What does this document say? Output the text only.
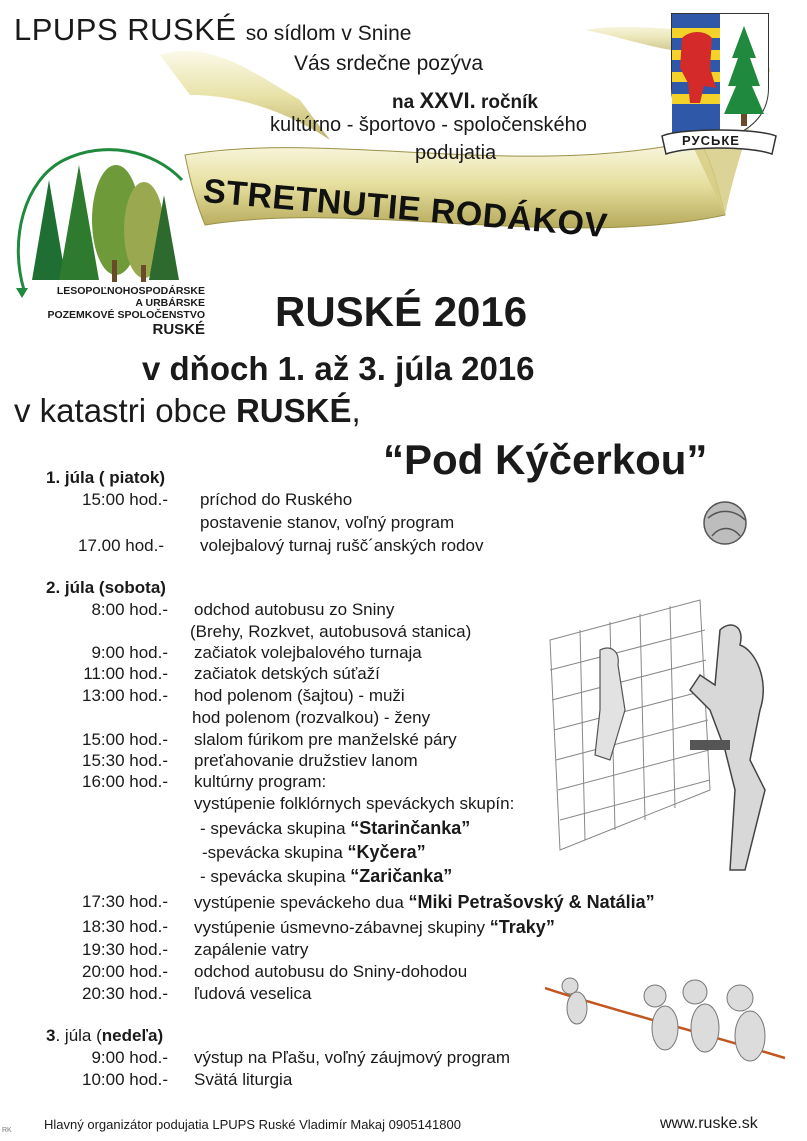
LPUPS RUSKÉ so sídlom v Snine
Vás srdečne pozýva
na XXVI. ročník
kultúrno - športovo - spoločenského
podujatia
STRETNUTIE RODÁKOV
RUSKÉ 2016
v dňoch 1. až 3. júla 2016
v katastri obce RUSKÉ,
“Pod Kýčerkou”
РУСЬКЕ
LESOPOĽNOHOSPODÁRSKE
A URBÁRSKE
POZEMKOVÉ SPOLOČENSTVO
RUSKÉ
1. júla ( piatok)
15:00 hod.- príchod do Ruského
postavenie stanov, voľný program
17.00 hod.- volejbalový turnaj rušč´anských rodov
2. júla (sobota)
8:00 hod.- odchod autobusu zo Sniny
(Brehy, Rozkvet, autobusová stanica)
9:00 hod.- začiatok volejbalového turnaja
11:00 hod.- začiatok detských súťaží
13:00 hod.- hod polenom (šajtou) - muži
hod polenom (rozvalkou) - ženy
15:00 hod.- slalom fúrikom pre manželské páry
15:30 hod.- preťahovanie družstiev lanom
16:00 hod.- kultúrny program:
vystúpenie folklórnych speváckych skupín:
- spevácka skupina “Starinčanka”
-spevácka skupina “Kyčera”
- spevácka skupina “Zaričanka”
17:30 hod.- vystúpenie speváckeho dua “Miki Petrašovský & Natália”
18:30 hod.- vystúpenie úsmevno-zábavnej skupiny “Traky”
19:30 hod.- zapálenie vatry
20:00 hod.- odchod autobusu do Sniny-dohodou
20:30 hod.- ľudová veselica
3. júla (nedeľa)
9:00 hod.- výstup na Pľašu, voľný záujmový program
10:00 hod.- Svätá liturgia
Hlavný organizátor podujatia LPUPS Ruské Vladimír Makaj 0905141800	www.ruske.sk
RK
